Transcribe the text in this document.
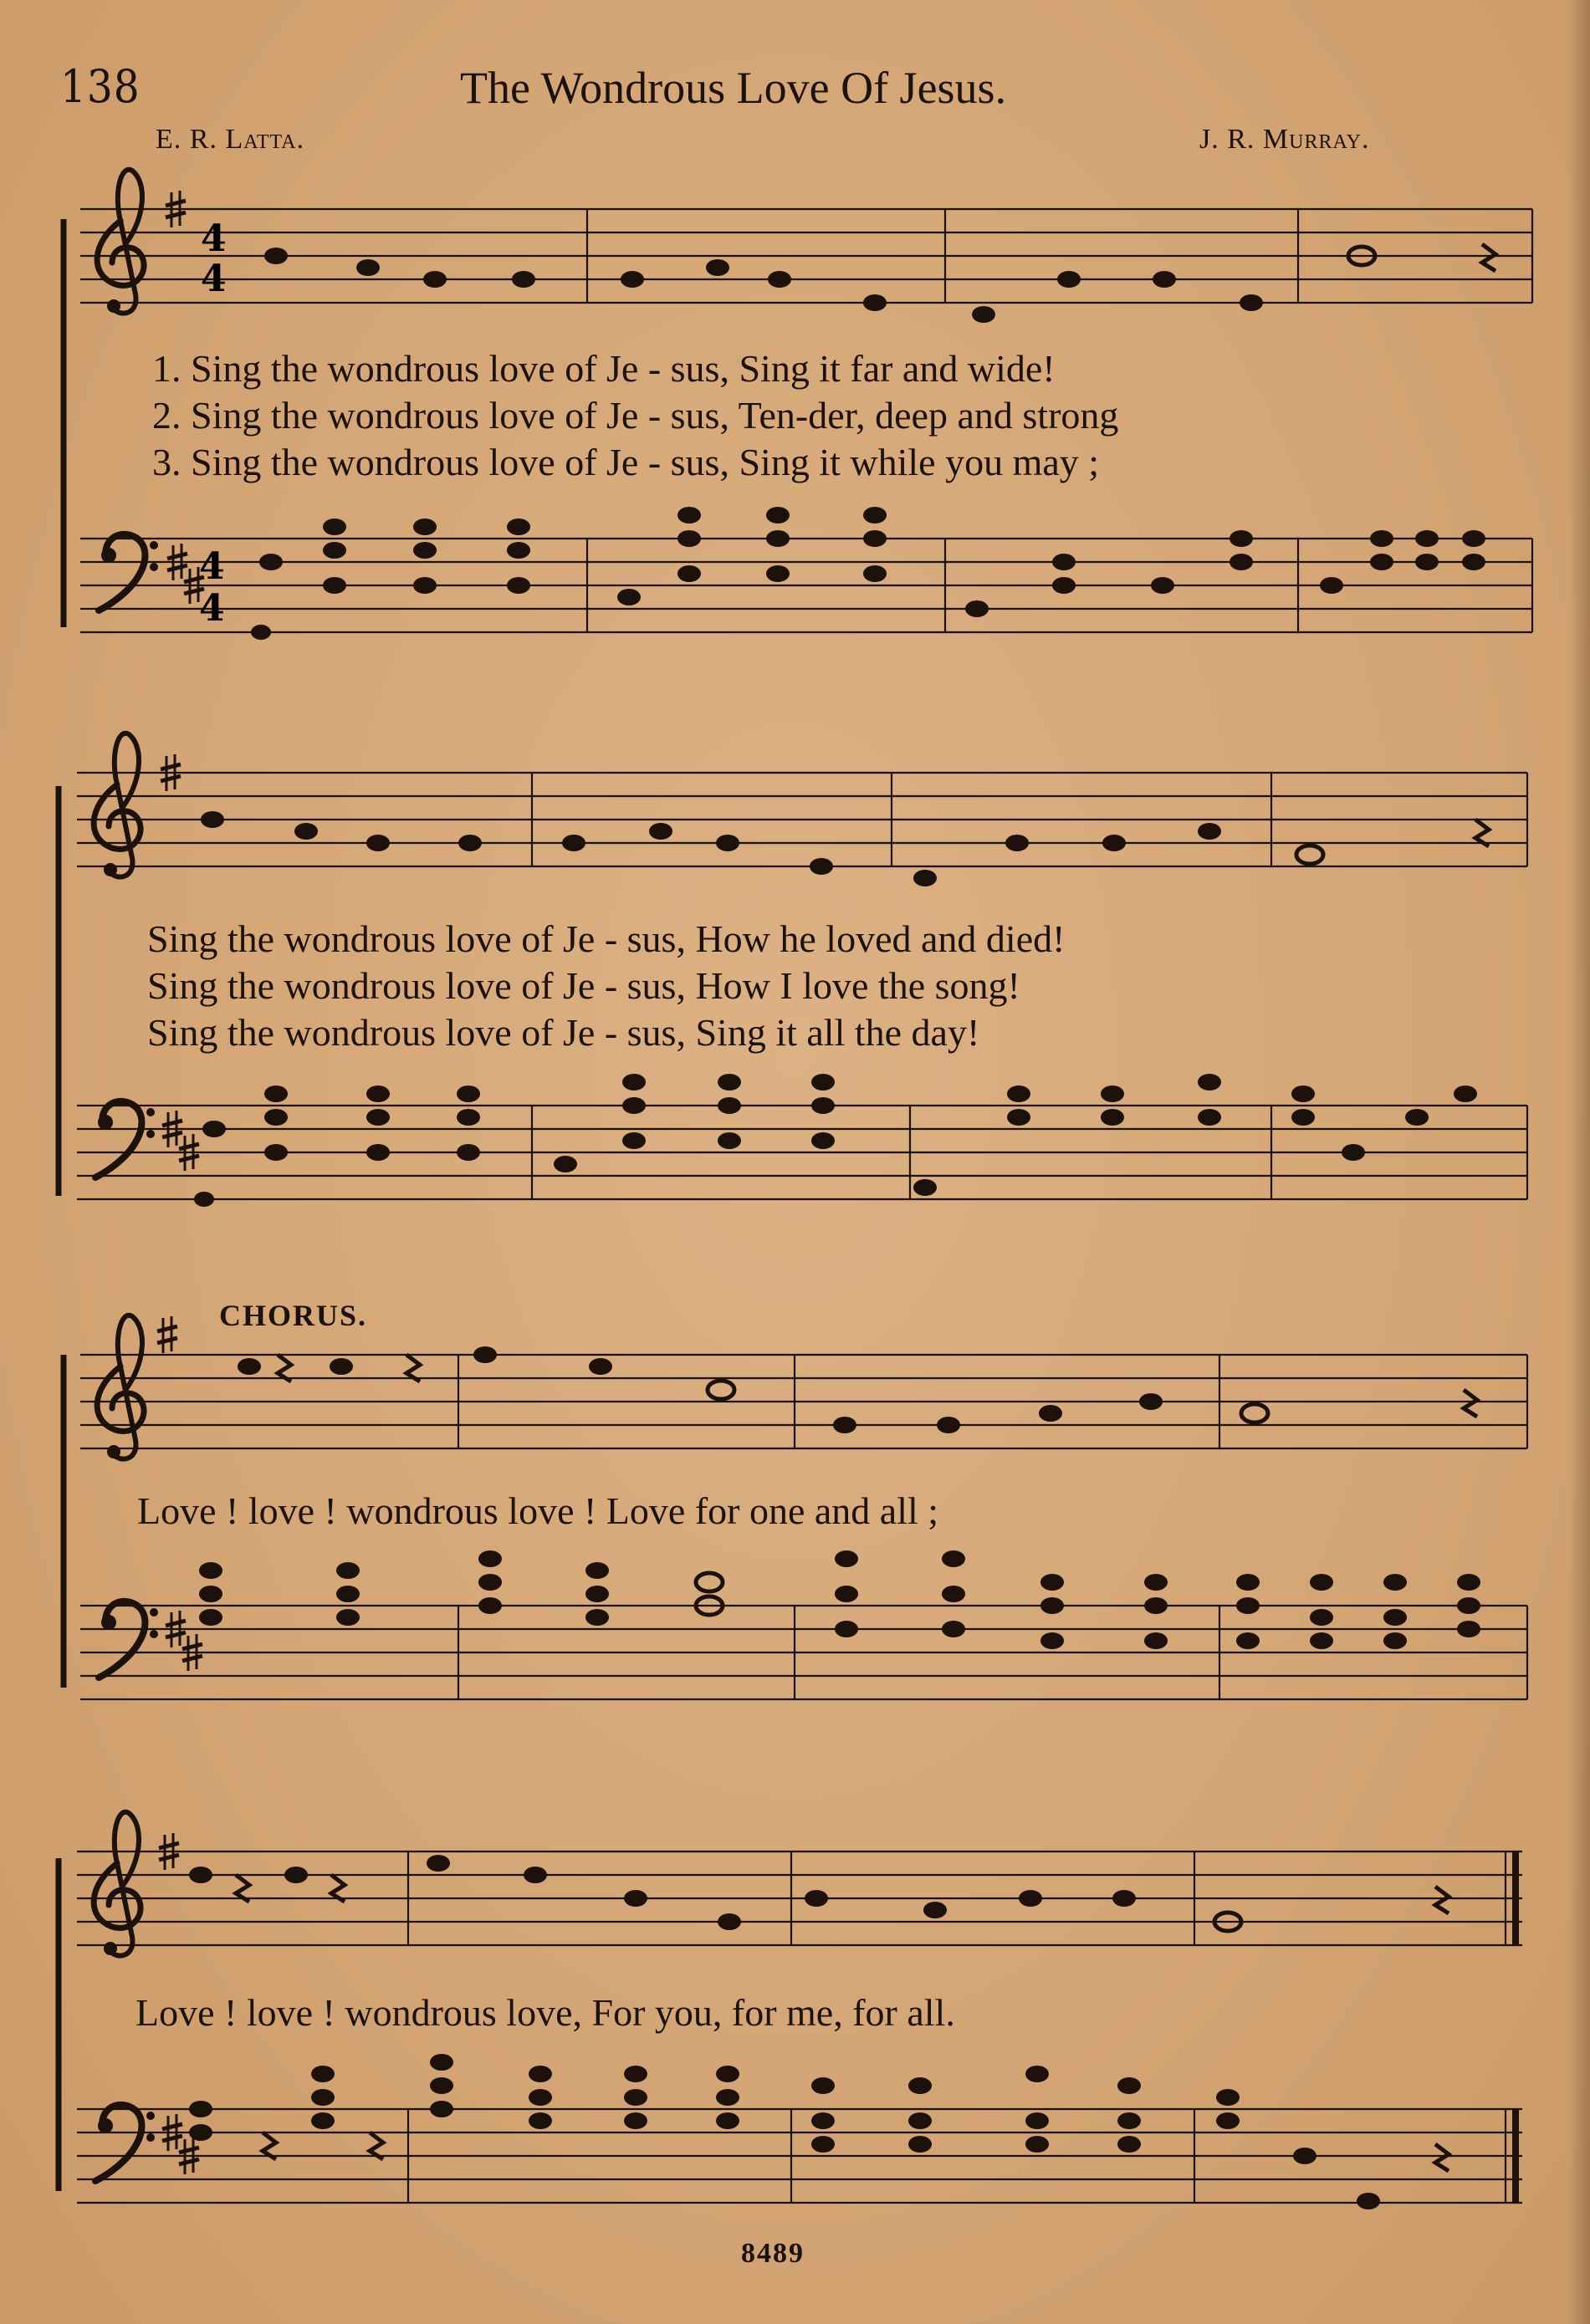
138	The Wondrous Love Of Jesus.
E. R. Latta.	J. R. Murray.
4
4
4
4
1. Sing the wondrous love of Je - sus, Sing it far and wide!
2. Sing the wondrous love of Je - sus, Ten-der, deep and strong
3. Sing the wondrous love of Je - sus, Sing it while you may ;
Sing the wondrous love of Je - sus, How he loved and died!
Sing the wondrous love of Je - sus, How I love the song!
Sing the wondrous love of Je - sus, Sing it all the day!
CHORUS.
Love ! love ! wondrous love ! Love for one and all ;
Love ! love ! wondrous love, For you, for me, for all.
8489
